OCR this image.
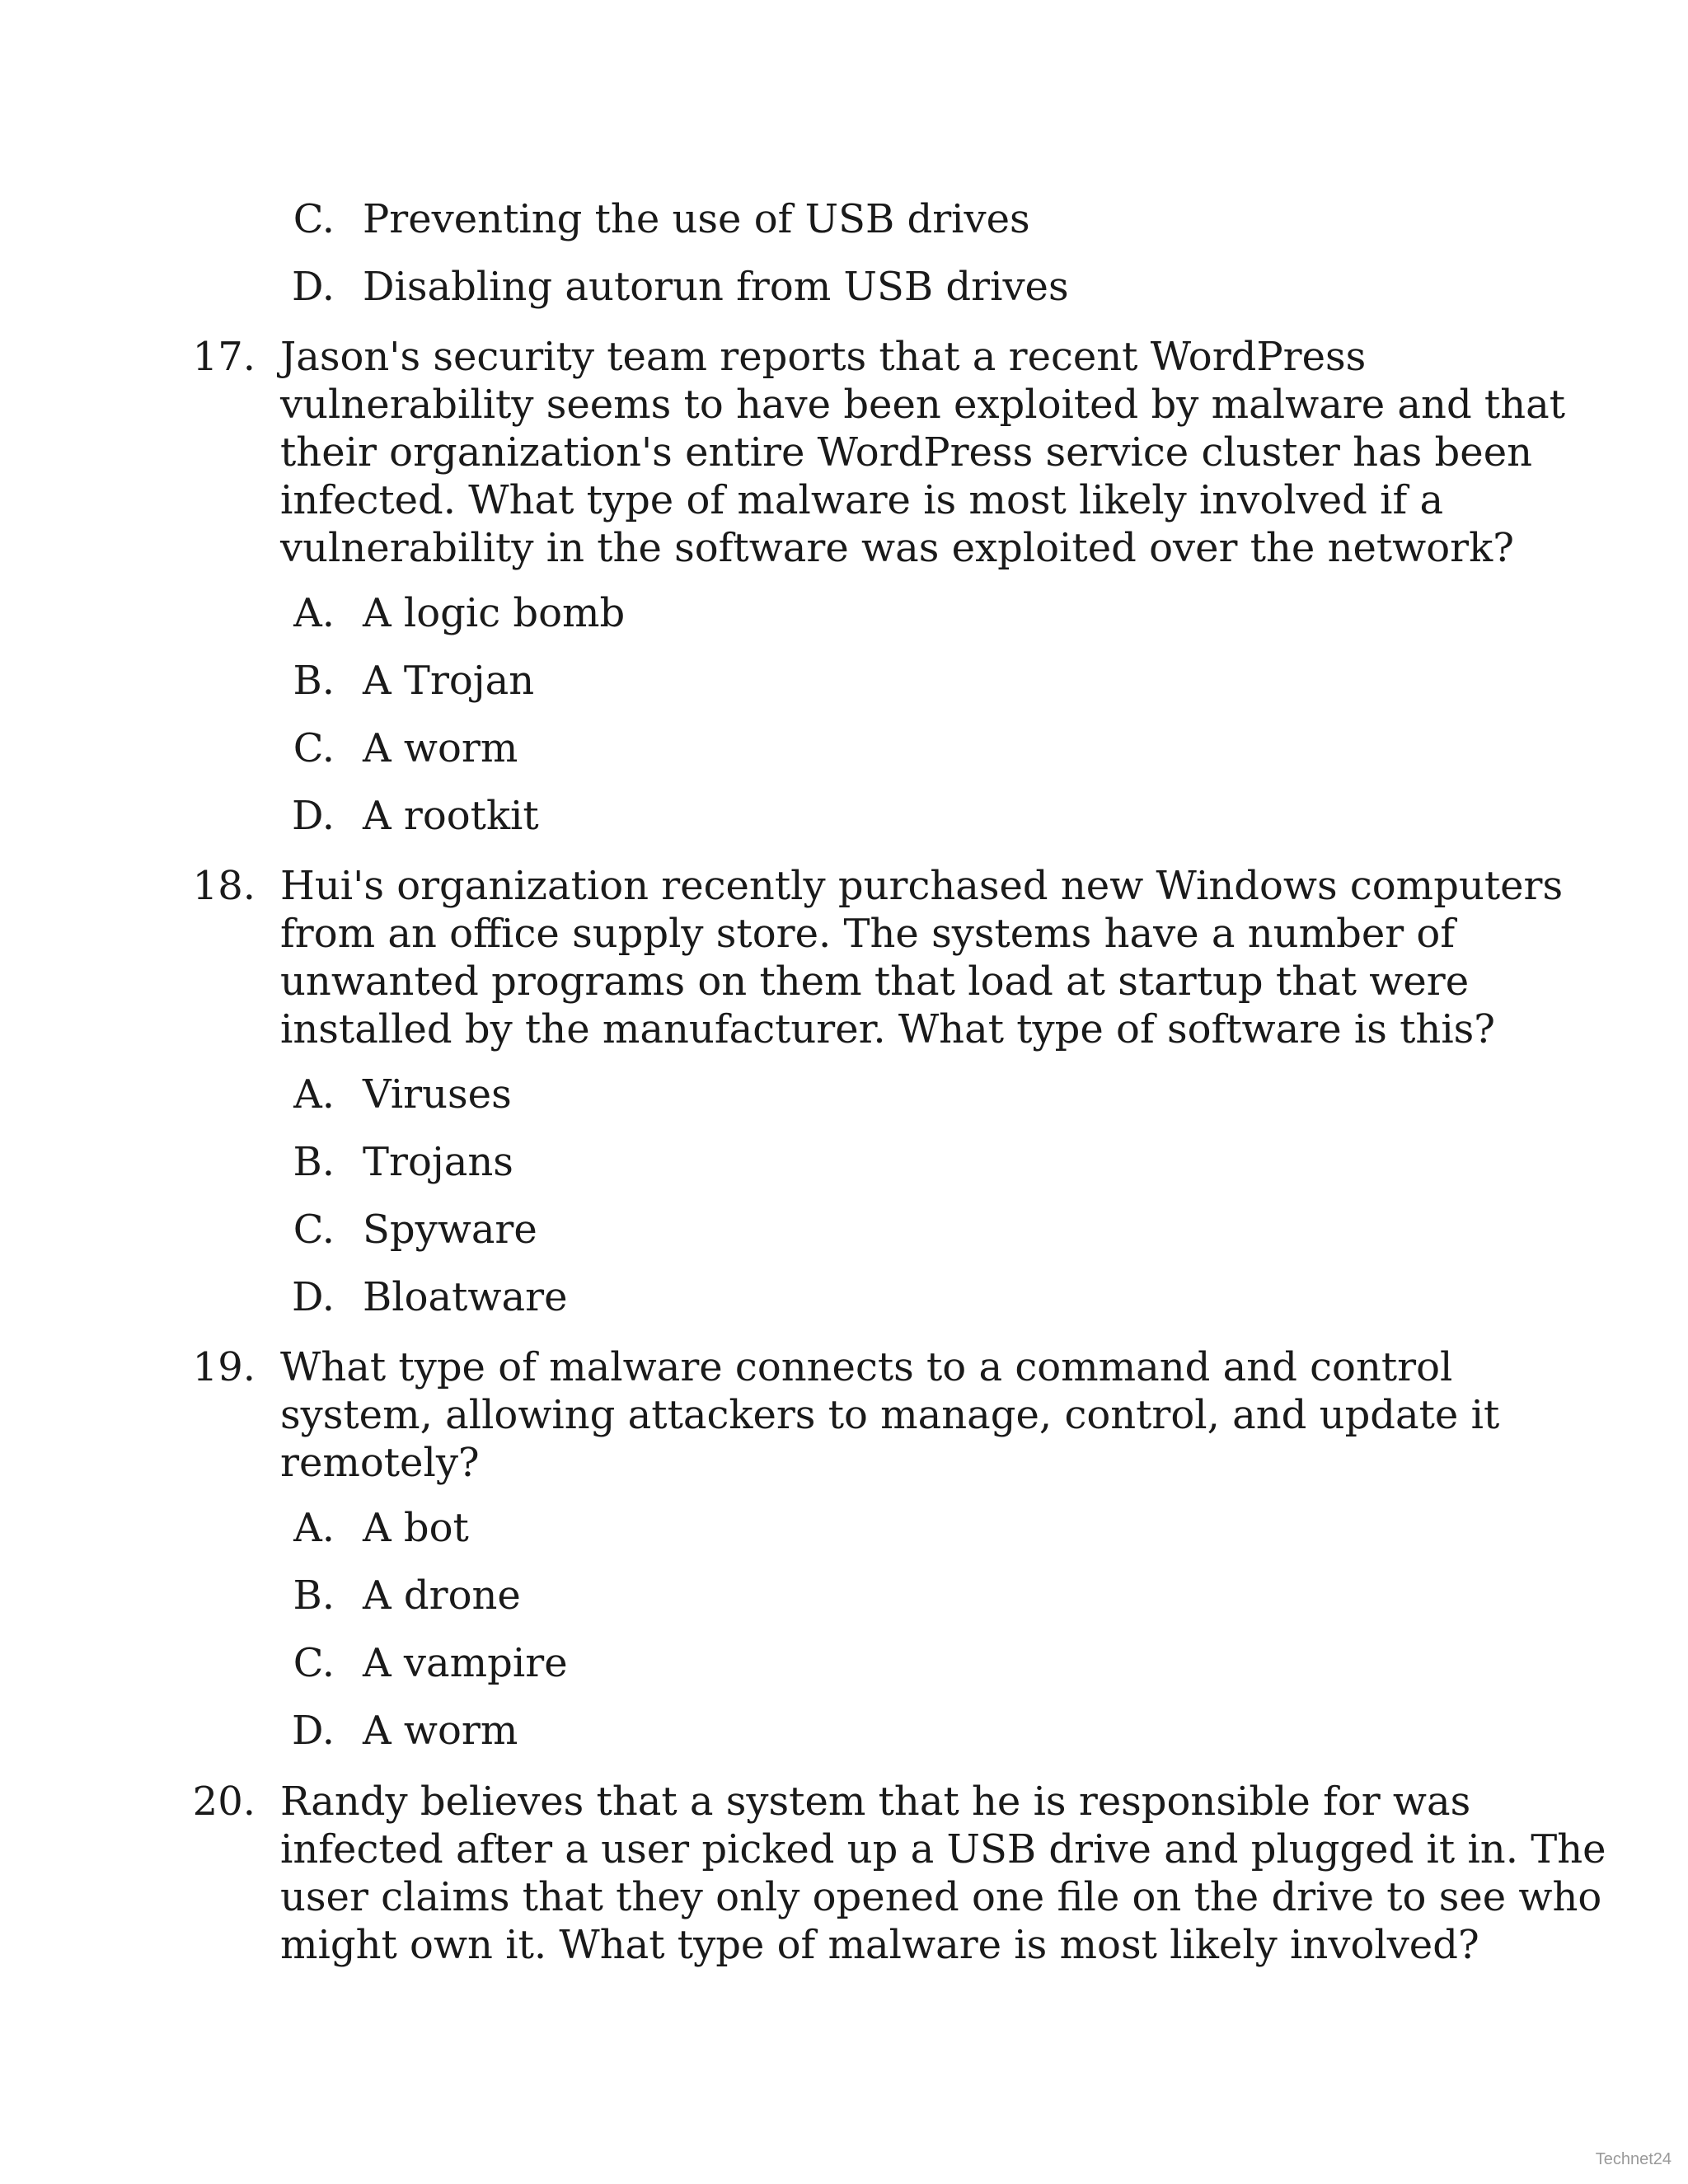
C. Preventing the use of USB drives
D. Disabling autorun from USB drives
17. Jason's security team reports that a recent WordPress
vulnerability seems to have been exploited by malware and that
their organization's entire WordPress service cluster has been
infected. What type of malware is most likely involved if a
vulnerability in the software was exploited over the network?
A. A logic bomb
B. A Trojan
C. A worm
D. A rootkit
18. Hui's organization recently purchased new Windows computers
from an office supply store. The systems have a number of
unwanted programs on them that load at startup that were
installed by the manufacturer. What type of software is this?
A. Viruses
B. Trojans
C. Spyware
D. Bloatware
19. What type of malware connects to a command and control
system, allowing attackers to manage, control, and update it
remotely?
A. A bot
B. A drone
C. A vampire
D. A worm
20. Randy believes that a system that he is responsible for was
infected after a user picked up a USB drive and plugged it in. The
user claims that they only opened one file on the drive to see who
might own it. What type of malware is most likely involved?
Technet24
